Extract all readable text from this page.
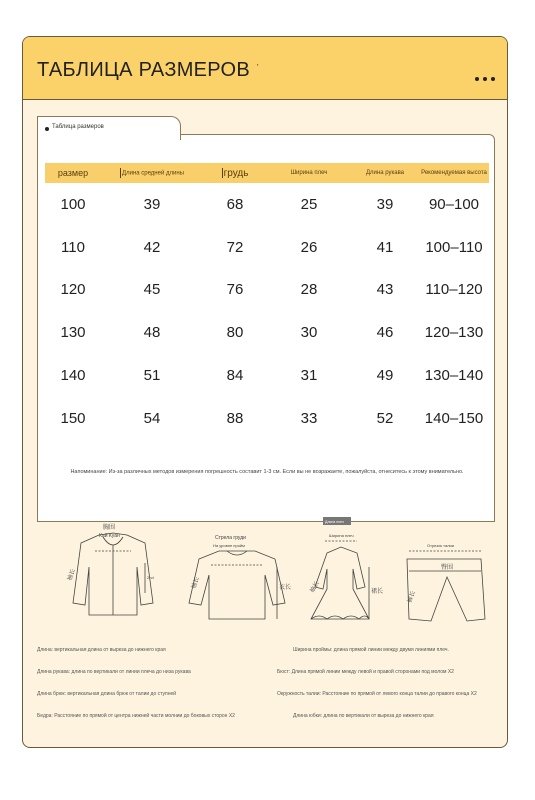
ТАБЛИЦА РАЗМЕРОВ '
Таблица размеров
размер	Длина средней длины	грудь	Ширина плеч	Длина рукава	Рекомендуемая высота
100	39	68	25	39	90–100
110	42	72	26	41	100–110
120	45	76	28	43	110–120
130	48	80	30	46	120–130
140	51	84	31	49	130–140
150	54	88	33	52	140–150
Напоминание: Из-за различных методов измерения погрешность составит 1-3 см. Если вы не возражаете, пожалуйста, отнеситесь к этому внимательно.
胸围
Кай Куан
袖长	2nd
Стрела груди
На уровне пройм
袖长	衣长
Длина плеч
Ширина плеч
袖长	裙长
Отрезок талии
臀围
裤长
Длина: вертикальная длина от выреза до нижнего края
Длина рукава: длина по вертикали от линии плеча до низа рукава
Длина брюк: вертикальная длина брюк от талии до ступней
Бедра: Расстояние по прямой от центра нижней части молнии до боковых сторон X2
Ширина проймы: длина прямой линии между двумя линиями плеч.
Бюст: Длина прямой линии между левой и правой сторонами под молом X2
Окружность талии: Расстояние по прямой от левого конца талии до правого конца X2
Длина юбки: длина по вертикали от выреза до нижнего края
